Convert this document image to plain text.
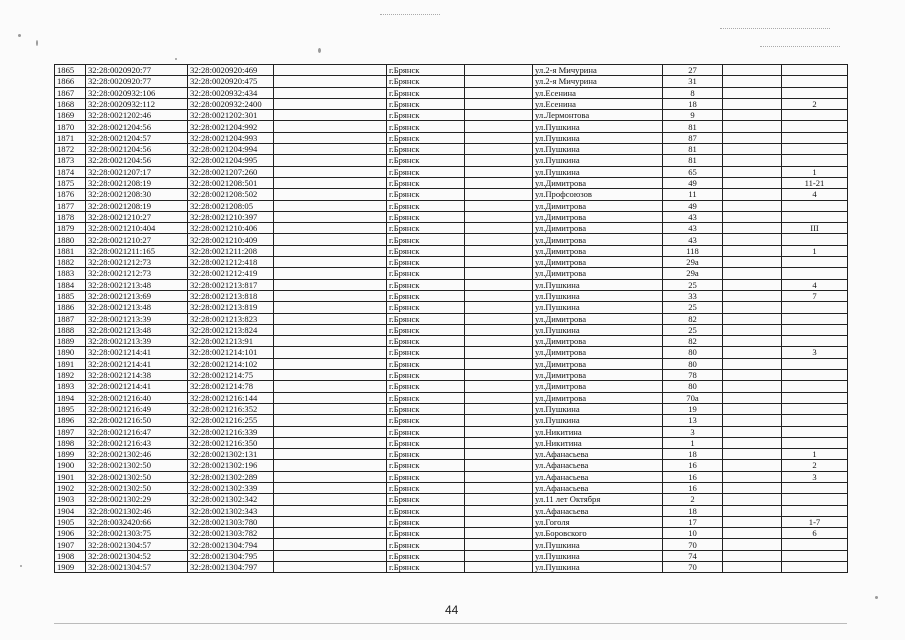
1865	32:28:0020920:77	32:28:0020920:469		г.Брянск		ул.2-я Мичурина	27		
1866	32:28:0020920:77	32:28:0020920:475		г.Брянск		ул.2-я Мичурина	31		
1867	32:28:0020932:106	32:28:0020932:434		г.Брянск		ул.Есенина	8		
1868	32:28:0020932:112	32:28:0020932:2400		г.Брянск		ул.Есенина	18		2
1869	32:28:0021202:46	32:28:0021202:301		г.Брянск		ул.Лермонтова	9		
1870	32:28:0021204:56	32:28:0021204:992		г.Брянск		ул.Пушкина	81		
1871	32:28:0021204:57	32:28:0021204:993		г.Брянск		ул.Пушкина	87		
1872	32:28:0021204:56	32:28:0021204:994		г.Брянск		ул.Пушкина	81		
1873	32:28:0021204:56	32:28:0021204:995		г.Брянск		ул.Пушкина	81		
1874	32:28:0021207:17	32:28:0021207:260		г.Брянск		ул.Пушкина	65		1
1875	32:28:0021208:19	32:28:0021208:501		г.Брянск		ул.Димитрова	49		11-21
1876	32:28:0021208:30	32:28:0021208:502		г.Брянск		ул.Профсоюзов	11		4
1877	32:28:0021208:19	32:28:0021208:05		г.Брянск		ул.Димитрова	49		
1878	32:28:0021210:27	32:28:0021210:397		г.Брянск		ул.Димитрова	43		
1879	32:28:0021210:404	32:28:0021210:406		г.Брянск		ул.Димитрова	43		III
1880	32:28:0021210:27	32:28:0021210:409		г.Брянск		ул.Димитрова	43		
1881	32:28:0021211:165	32:28:0021211:208		г.Брянск		ул.Димитрова	118		1
1882	32:28:0021212:73	32:28:0021212:418		г.Брянск		ул.Димитрова	29а		
1883	32:28:0021212:73	32:28:0021212:419		г.Брянск		ул.Димитрова	29а		
1884	32:28:0021213:48	32:28:0021213:817		г.Брянск		ул.Пушкина	25		4
1885	32:28:0021213:69	32:28:0021213:818		г.Брянск		ул.Пушкина	33		7
1886	32:28:0021213:48	32:28:0021213:819		г.Брянск		ул.Пушкина	25		
1887	32:28:0021213:39	32:28:0021213:823		г.Брянск		ул.Димитрова	82		
1888	32:28:0021213:48	32:28:0021213:824		г.Брянск		ул.Пушкина	25		
1889	32:28:0021213:39	32:28:0021213:91		г.Брянск		ул.Димитрова	82		
1890	32:28:0021214:41	32:28:0021214:101		г.Брянск		ул.Димитрова	80		3
1891	32:28:0021214:41	32:28:0021214:102		г.Брянск		ул.Димитрова	80		
1892	32:28:0021214:38	32:28:0021214:75		г.Брянск		ул.Димитрова	78		
1893	32:28:0021214:41	32:28:0021214:78		г.Брянск		ул.Димитрова	80		
1894	32:28:0021216:40	32:28:0021216:144		г.Брянск		ул.Димитрова	70а		
1895	32:28:0021216:49	32:28:0021216:352		г.Брянск		ул.Пушкина	19		
1896	32:28:0021216:50	32:28:0021216:255		г.Брянск		ул.Пушкина	13		
1897	32:28:0021216:47	32:28:0021216:339		г.Брянск		ул.Никитина	3		
1898	32:28:0021216:43	32:28:0021216:350		г.Брянск		ул.Никитина	1		
1899	32:28:0021302:46	32:28:0021302:131		г.Брянск		ул.Афанасьева	18		1
1900	32:28:0021302:50	32:28:0021302:196		г.Брянск		ул.Афанасьева	16		2
1901	32:28:0021302:50	32:28:0021302:289		г.Брянск		ул.Афанасьева	16		3
1902	32:28:0021302:50	32:28:0021302:339		г.Брянск		ул.Афанасьева	16		
1903	32:28:0021302:29	32:28:0021302:342		г.Брянск		ул.11 лет Октября	2		
1904	32:28:0021302:46	32:28:0021302:343		г.Брянск		ул.Афанасьева	18		
1905	32:28:0032420:66	32:28:0021303:780		г.Брянск		ул.Гоголя	17		1-7
1906	32:28:0021303:75	32:28:0021303:782		г.Брянск		ул.Боровского	10		6
1907	32:28:0021304:57	32:28:0021304:794		г.Брянск		ул.Пушкина	70		
1908	32:28:0021304:52	32:28:0021304:795		г.Брянск		ул.Пушкина	74		
1909	32:28:0021304:57	32:28:0021304:797		г.Брянск		ул.Пушкина	70		
44
